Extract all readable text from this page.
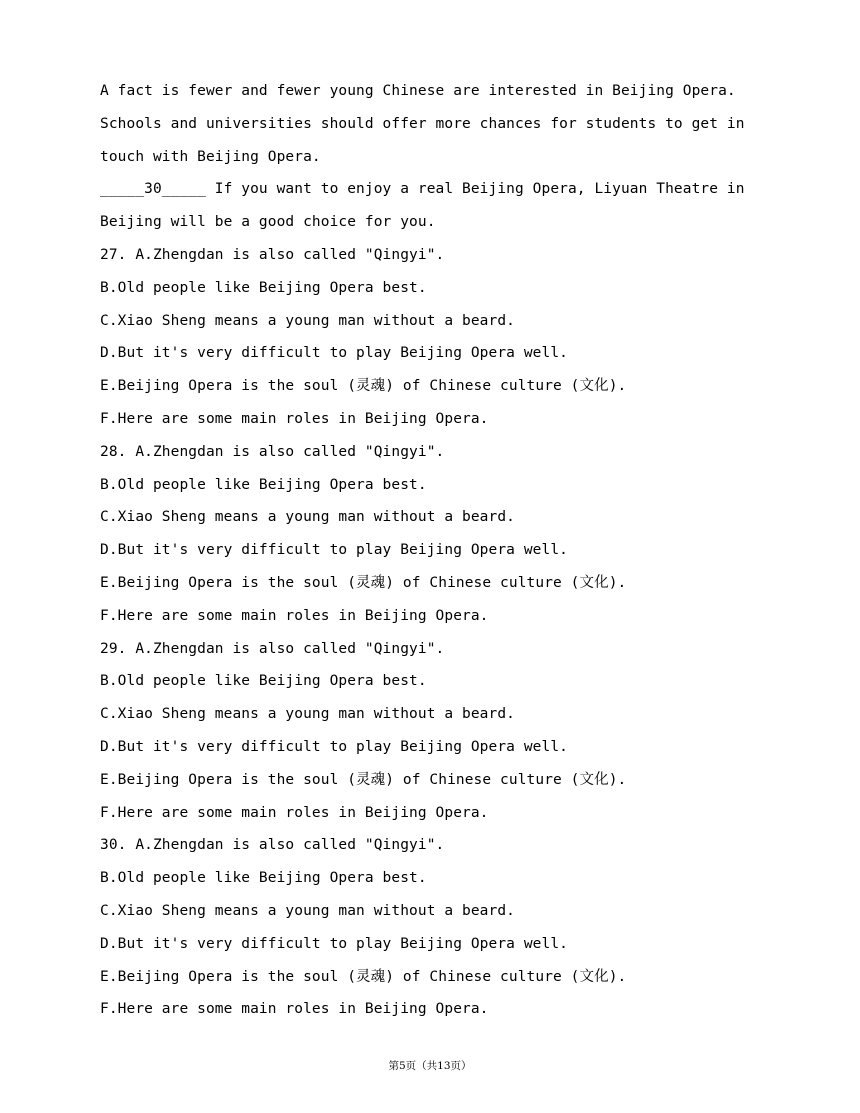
A fact is fewer and fewer young Chinese are interested in Beijing Opera.
Schools and universities should offer more chances for students to get in
touch with Beijing Opera.
_____30_____ If you want to enjoy a real Beijing Opera, Liyuan Theatre in
Beijing will be a good choice for you.
27. A.Zhengdan is also called "Qingyi".
B.Old people like Beijing Opera best.
C.Xiao Sheng means a young man without a beard.
D.But it's very difficult to play Beijing Opera well.
E.Beijing Opera is the soul (灵魂) of Chinese culture (文化).
F.Here are some main roles in Beijing Opera.
28. A.Zhengdan is also called "Qingyi".
B.Old people like Beijing Opera best.
C.Xiao Sheng means a young man without a beard.
D.But it's very difficult to play Beijing Opera well.
E.Beijing Opera is the soul (灵魂) of Chinese culture (文化).
F.Here are some main roles in Beijing Opera.
29. A.Zhengdan is also called "Qingyi".
B.Old people like Beijing Opera best.
C.Xiao Sheng means a young man without a beard.
D.But it's very difficult to play Beijing Opera well.
E.Beijing Opera is the soul (灵魂) of Chinese culture (文化).
F.Here are some main roles in Beijing Opera.
30. A.Zhengdan is also called "Qingyi".
B.Old people like Beijing Opera best.
C.Xiao Sheng means a young man without a beard.
D.But it's very difficult to play Beijing Opera well.
E.Beijing Opera is the soul (灵魂) of Chinese culture (文化).
F.Here are some main roles in Beijing Opera.
第5页（共13页）
